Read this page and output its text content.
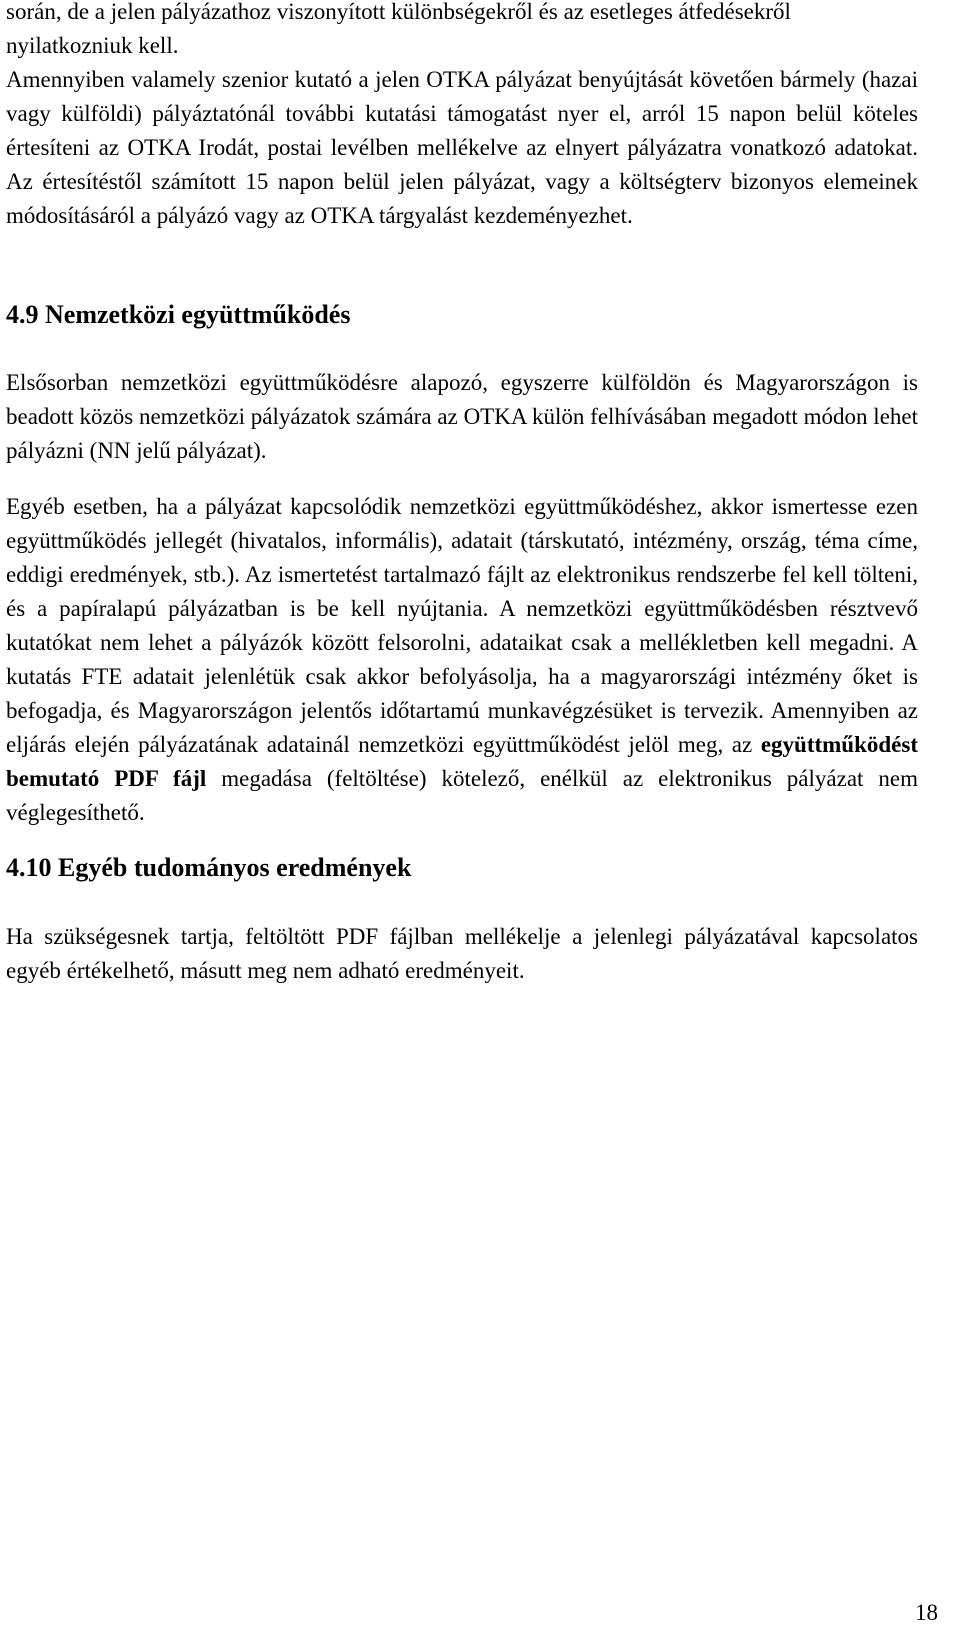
során, de a jelen pályázathoz viszonyított különbségekről és az esetleges átfedésekről nyilatkozniuk kell.
Amennyiben valamely szenior kutató a jelen OTKA pályázat benyújtását követően bármely (hazai vagy külföldi) pályáztatónál további kutatási támogatást nyer el, arról 15 napon belül köteles értesíteni az OTKA Irodát, postai levélben mellékelve az elnyert pályázatra vonatkozó adatokat. Az értesítéstől számított 15 napon belül jelen pályázat, vagy a költségterv bizonyos elemeinek módosításáról a pályázó vagy az OTKA tárgyalást kezdeményezhet.

4.9 Nemzetközi együttműködés

Elsősorban nemzetközi együttműködésre alapozó, egyszerre külföldön és Magyarországon is beadott közös nemzetközi pályázatok számára az OTKA külön felhívásában megadott módon lehet pályázni (NN jelű pályázat).

Egyéb esetben, ha a pályázat kapcsolódik nemzetközi együttműködéshez, akkor ismertesse ezen együttműködés jellegét (hivatalos, informális), adatait (társkutató, intézmény, ország, téma címe, eddigi eredmények, stb.). Az ismertetést tartalmazó fájlt az elektronikus rendszerbe fel kell tölteni, és a papíralapú pályázatban is be kell nyújtania. A nemzetközi együttműködésben résztvevő kutatókat nem lehet a pályázók között felsorolni, adataikat csak a mellékletben kell megadni. A kutatás FTE adatait jelenlétük csak akkor befolyásolja, ha a magyarországi intézmény őket is befogadja, és Magyarországon jelentős időtartamú munkavégzésüket is tervezik. Amennyiben az eljárás elején pályázatának adatainál nemzetközi együttműködést jelöl meg, az együttműködést bemutató PDF fájl megadása (feltöltése) kötelező, enélkül az elektronikus pályázat nem véglegesíthető.

4.10 Egyéb tudományos eredmények

Ha szükségesnek tartja, feltöltött PDF fájlban mellékelje a jelenlegi pályázatával kapcsolatos egyéb értékelhető, másutt meg nem adható eredményeit.

18
